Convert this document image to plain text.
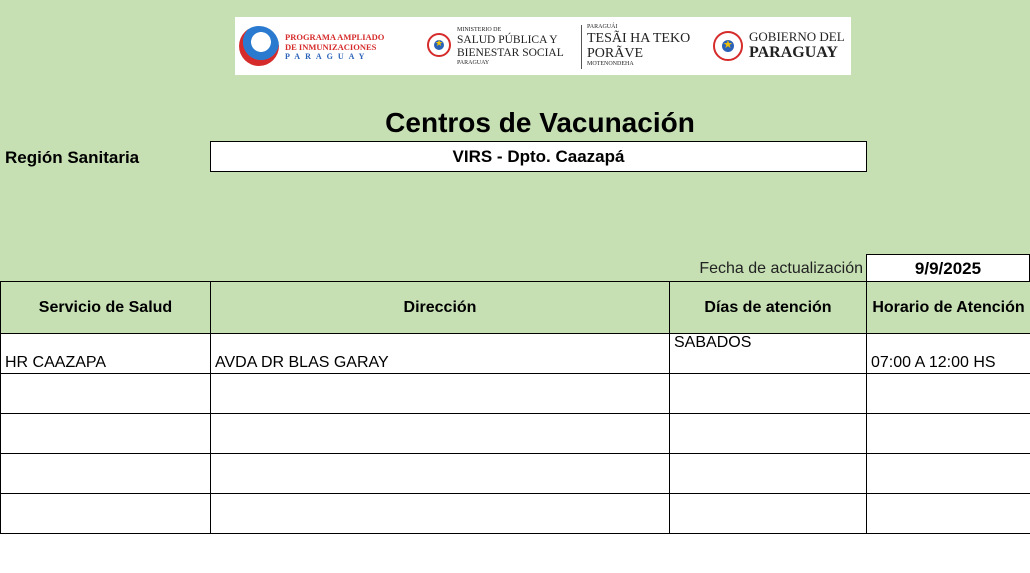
PROGRAMA AMPLIADO
DE INMUNIZACIONES
PARAGUAY
★
MINISTERIO DE
SALUD PÚBLICA Y
BIENESTAR SOCIAL
PARAGUAY
PARAGUÁI
TESÃI HA TEKO
PORÃVE
MOTENONDEHA
★
GOBIERNO DEL
PARAGUAY
Centros de Vacunación
Región Sanitaria	VIRS - Dpto. Caazapá
Fecha de actualización	9/9/2025
Servicio de Salud	Dirección	Días de atención	Horario de Atención
HR CAAZAPA	AVDA DR BLAS GARAY	SABADOS	07:00 A 12:00 HS
